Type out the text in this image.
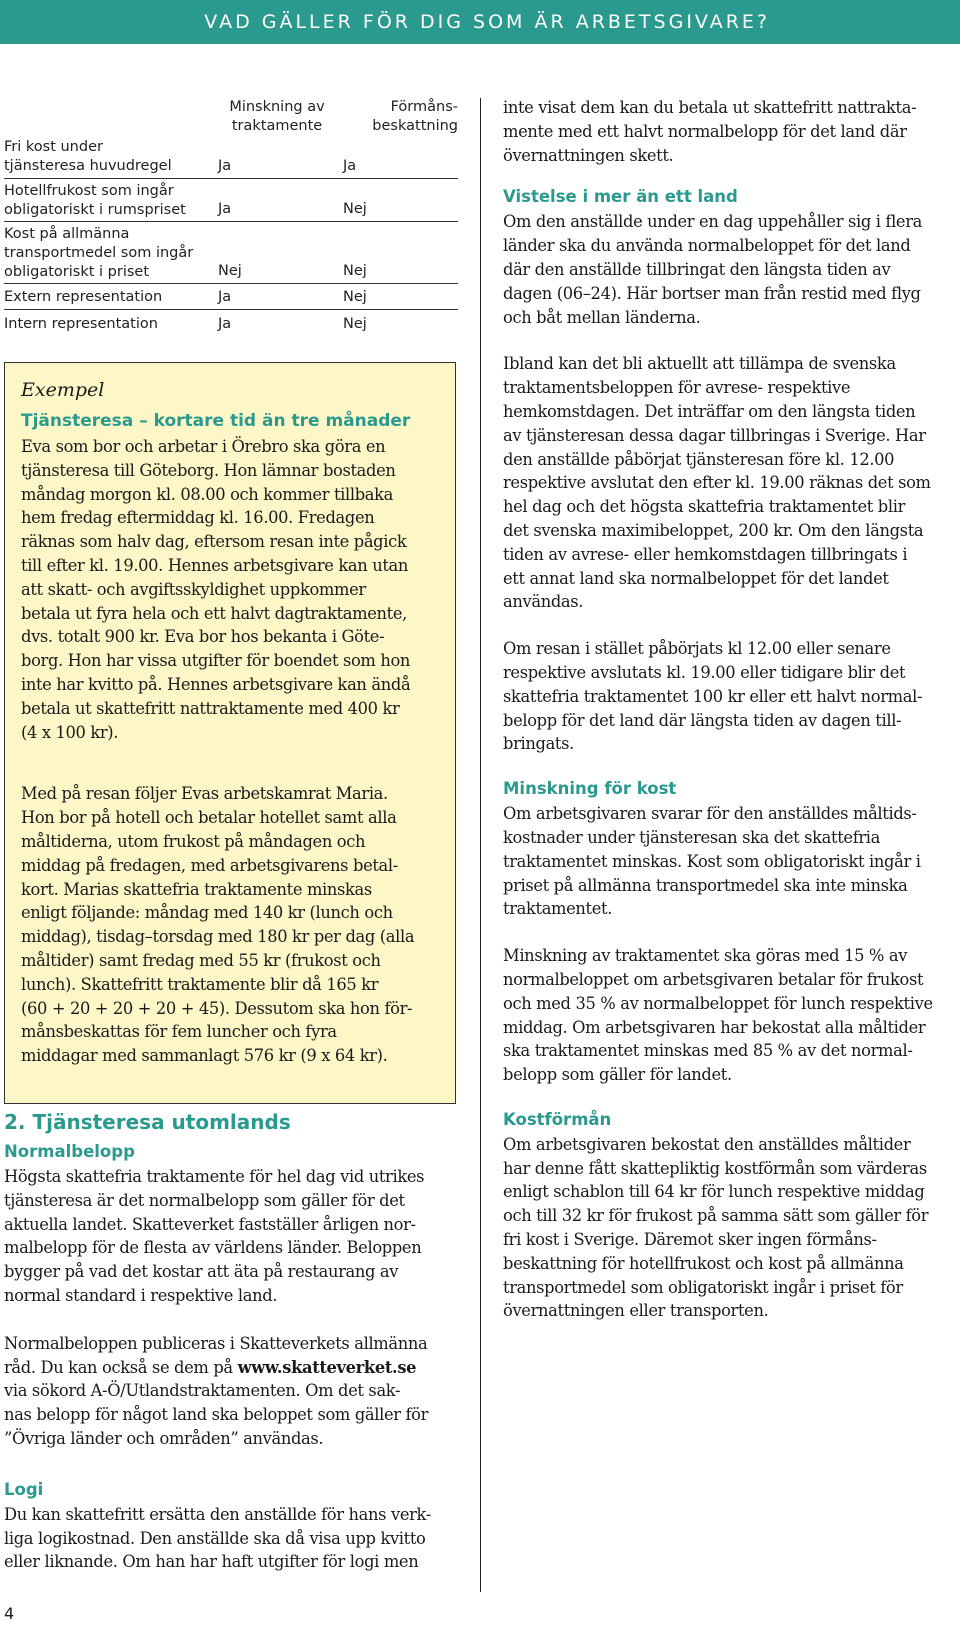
VAD GÄLLER FÖR DIG SOM ÄR ARBETSGIVARE?
Minskning av
traktamente
Förmåns-
beskattning
Fri kost under
tjänsteresa huvudregel	Ja	Ja
Hotellfrukost som ingår
obligatoriskt i rumspriset	Ja	Nej
Kost på allmänna
transportmedel som ingår
obligatoriskt i priset	Nej	Nej
Extern representation	Ja	Nej
Intern representation	Ja	Nej

Exempel

Tjänsteresa – kortare tid än tre månader

Eva som bor och arbetar i Örebro ska göra en
tjänsteresa till Göteborg. Hon lämnar bostaden
måndag morgon kl. 08.00 och kommer tillbaka
hem fredag eftermiddag kl. 16.00. Fredagen
räknas som halv dag, eftersom resan inte pågick
till efter kl. 19.00. Hennes arbetsgivare kan utan
att skatt- och avgiftsskyldighet uppkommer
betala ut fyra hela och ett halvt dagtraktamente,
dvs. totalt 900 kr. Eva bor hos bekanta i Göte-
borg. Hon har vissa utgifter för boendet som hon
inte har kvitto på. Hennes arbetsgivare kan ändå
betala ut skattefritt nattraktamente med 400 kr
(4 x 100 kr).
Med på resan följer Evas arbetskamrat Maria.
Hon bor på hotell och betalar hotellet samt alla
måltiderna, utom frukost på måndagen och
middag på fredagen, med arbetsgivarens betal-
kort. Marias skattefria traktamente minskas
enligt följande: måndag med 140 kr (lunch och
middag), tisdag–torsdag med 180 kr per dag (alla
måltider) samt fredag med 55 kr (frukost och
lunch). Skattefritt traktamente blir då 165 kr
(60 + 20 + 20 + 20 + 45). Dessutom ska hon för-
månsbeskattas för fem luncher och fyra
middagar med sammanlagt 576 kr (9 x 64 kr).

2. Tjänsteresa utomlands

Normalbelopp

Högsta skattefria traktamente för hel dag vid utrikes
tjänsteresa är det normalbelopp som gäller för det
aktuella landet. Skatteverket fastställer årligen nor-
malbelopp för de flesta av världens länder. Beloppen
bygger på vad det kostar att äta på restaurang av
normal standard i respektive land.
Normalbeloppen publiceras i Skatteverkets allmänna
råd. Du kan också se dem på www.skatteverket.se
via sökord A-Ö/Utlandstraktamenten. Om det sak-
nas belopp för något land ska beloppet som gäller för
”Övriga länder och områden” användas.

Logi

Du kan skattefritt ersätta den anställde för hans verk-
liga logikostnad. Den anställde ska då visa upp kvitto
eller liknande. Om han har haft utgifter för logi men
inte visat dem kan du betala ut skattefritt nattrakta-
mente med ett halvt normalbelopp för det land där
övernattningen skett.

Vistelse i mer än ett land

Om den anställde under en dag uppehåller sig i flera
länder ska du använda normalbeloppet för det land
där den anställde tillbringat den längsta tiden av
dagen (06–24). Här bortser man från restid med flyg
och båt mellan länderna.
Ibland kan det bli aktuellt att tillämpa de svenska
traktamentsbeloppen för avrese- respektive
hemkomstdagen. Det inträffar om den längsta tiden
av tjänsteresan dessa dagar tillbringas i Sverige. Har
den anställde påbörjat tjänsteresan före kl. 12.00
respektive avslutat den efter kl. 19.00 räknas det som
hel dag och det högsta skattefria traktamentet blir
det svenska maximibeloppet, 200 kr. Om den längsta
tiden av avrese- eller hemkomstdagen tillbringats i
ett annat land ska normalbeloppet för det landet
användas.
Om resan i stället påbörjats kl 12.00 eller senare
respektive avslutats kl. 19.00 eller tidigare blir det
skattefria traktamentet 100 kr eller ett halvt normal-
belopp för det land där längsta tiden av dagen till-
bringats.

Minskning för kost

Om arbetsgivaren svarar för den anställdes måltids-
kostnader under tjänsteresan ska det skattefria
traktamentet minskas. Kost som obligatoriskt ingår i
priset på allmänna transportmedel ska inte minska
traktamentet.
Minskning av traktamentet ska göras med 15 % av
normalbeloppet om arbetsgivaren betalar för frukost
och med 35 % av normalbeloppet för lunch respektive
middag. Om arbetsgivaren har bekostat alla måltider
ska traktamentet minskas med 85 % av det normal-
belopp som gäller för landet.

Kostförmån

Om arbetsgivaren bekostat den anställdes måltider
har denne fått skattepliktig kostförmån som värderas
enligt schablon till 64 kr för lunch respektive middag
och till 32 kr för frukost på samma sätt som gäller för
fri kost i Sverige. Däremot sker ingen förmåns-
beskattning för hotellfrukost och kost på allmänna
transportmedel som obligatoriskt ingår i priset för
övernattningen eller transporten.
4
